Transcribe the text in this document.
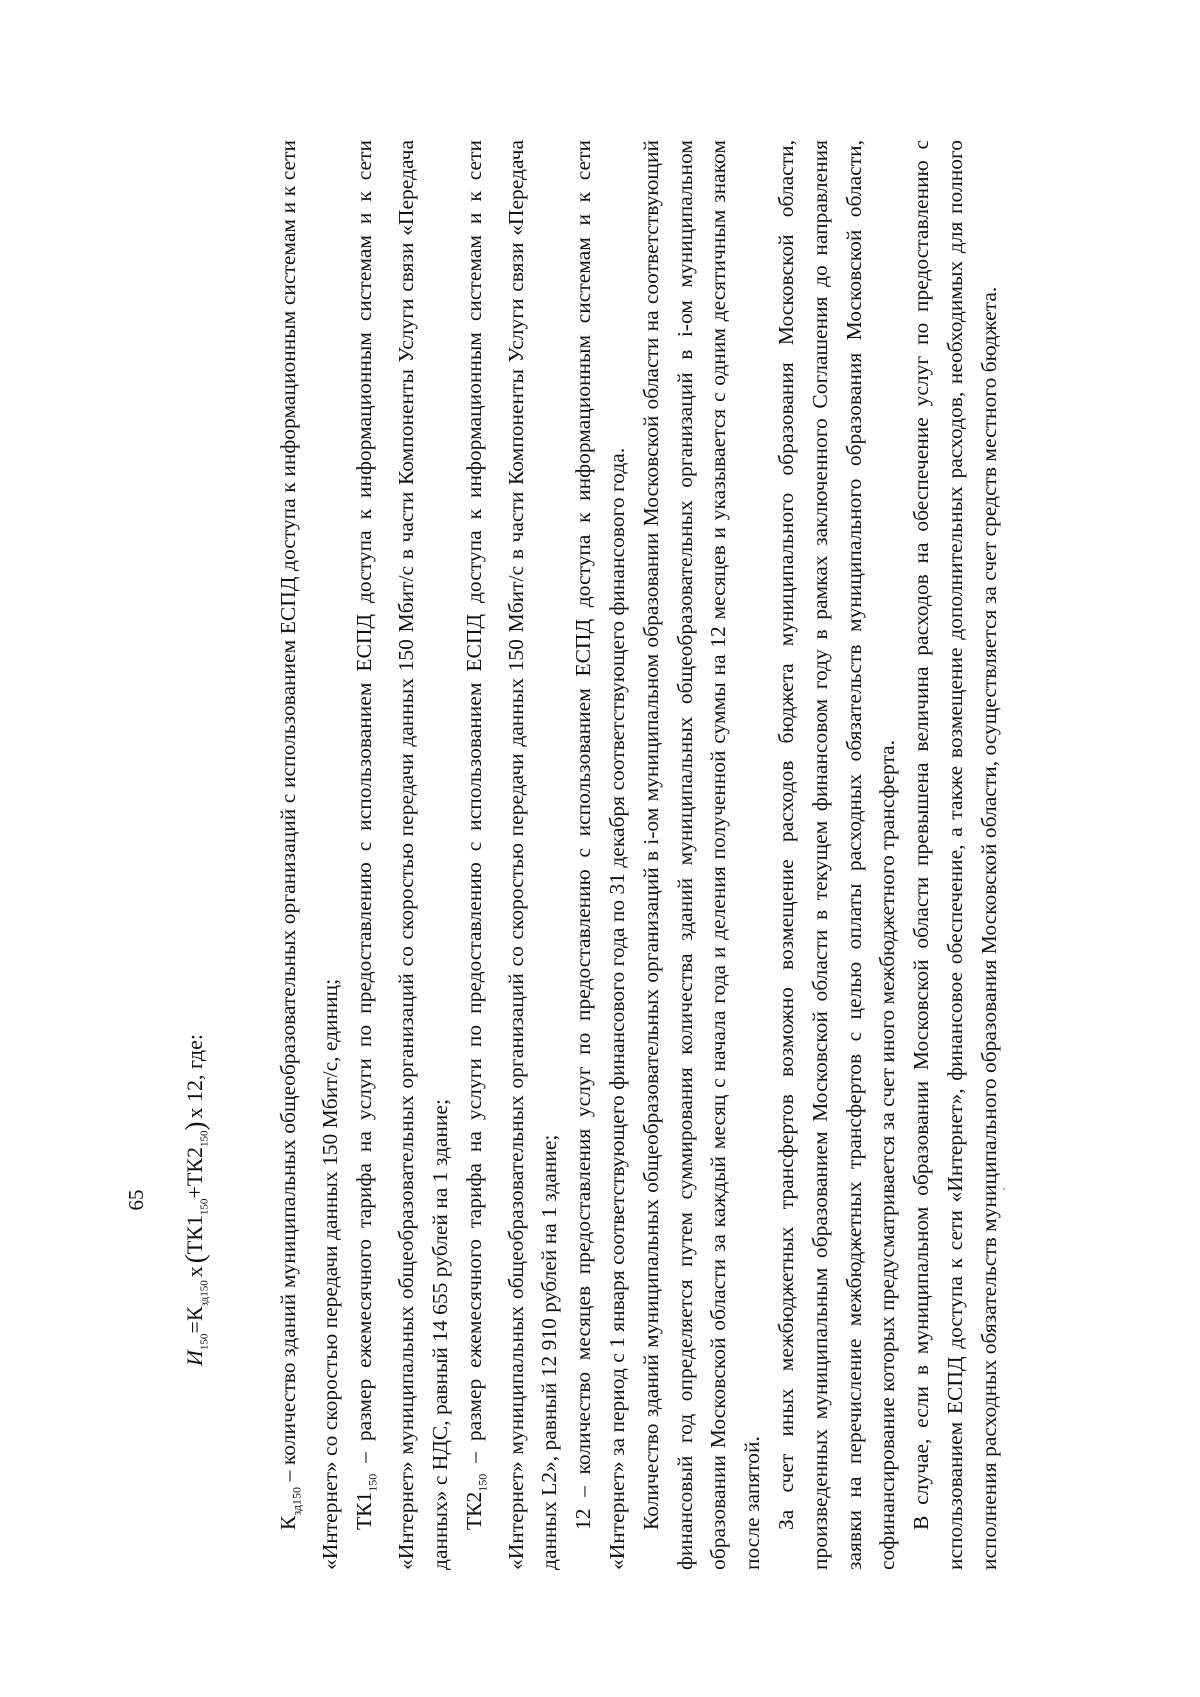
65
$И_{150}=К_{зд150}х(ТК1_{150}+ТК2_{150})х$ 12, где:

$К_{зд150}$ – количество зданий муниципальных общеобразовательных организаций с использованием ЕСПД доступа к информационным системам и к сети «Интернет» со скоростью передачи данных 150 Мбит/с, единиц; $ТК1_{150}$ – размер ежемесячного тарифа на услуги по предоставлению с использованием ЕСПД доступа к информационным системам и к сети «Интернет» муниципальных общеобразовательных организаций со скоростью передачи данных 150 Мбит/с в части Компоненты Услуги связи «Передача данных» с НДС, равный 14 655 рублей на 1 здание; $ТК2_{150}$ – размер ежемесячного тарифа на услуги по предоставлению с использованием ЕСПД доступа к информационным системам и к сети «Интернет» муниципальных общеобразовательных организаций со скоростью передачи данных 150 Мбит/с в части Компоненты Услуги связи «Передача данных L2», равный 12 910 рублей на 1 здание; 12 – количество месяцев предоставления услуг по предоставлению с использованием ЕСПД доступа к информационным системам и к сети «Интернет» за период с 1 января соответствующего финансового года по 31 декабря соответствующего финансового года. Количество зданий муниципальных общеобразовательных организаций в i-ом муниципальном образовании Московской области на соответствующий финансовый год определяется путем суммирования количества зданий муниципальных общеобразовательных организаций в i-ом муниципальном образовании Московской области за каждый месяц с начала года и деления полученной суммы на 12 месяцев и указывается с одним десятичным знаком после запятой. За счет иных межбюджетных трансфертов возможно возмещение расходов бюджета муниципального образования Московской области, произведенных муниципальным образованием Московской области в текущем финансовом году в рамках заключенного Соглашения до направления заявки на перечисление межбюджетных трансфертов с целью оплаты расходных обязательств муниципального образования Московской области, софинансирование которых предусматривается за счет иного межбюджетного трансферта. В случае, если в муниципальном образовании Московской области превышена величина расходов на обеспечение услуг по предоставлению с использованием ЕСПД доступа к сети «Интернет», финансовое обеспечение, а также возмещение дополнительных расходов, необходимых для полного исполнения расходных обязательств муниципального образования Московской области, осуществляется за счет средств местного бюджета.
